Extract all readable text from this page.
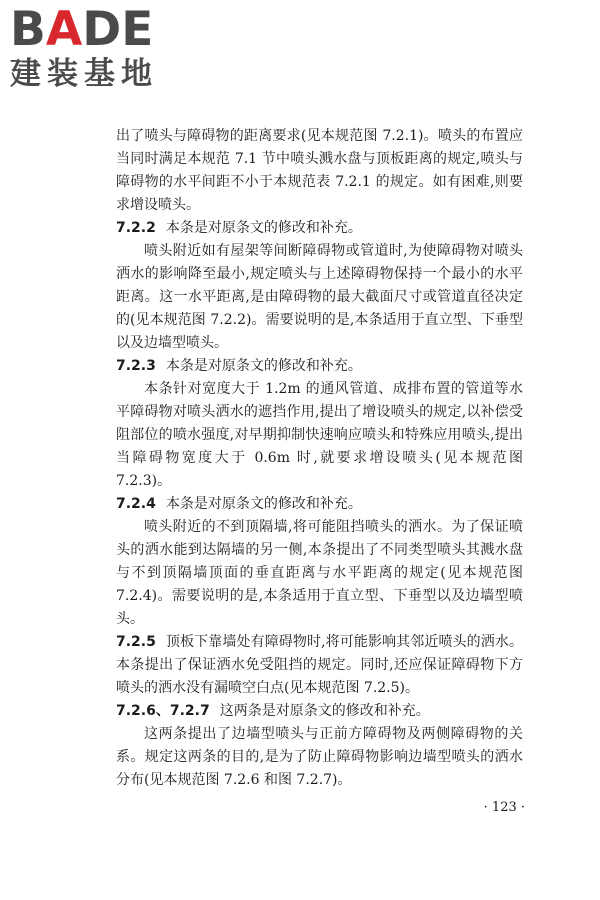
BADE
建装基地

出了喷头与障碍物的距离要求(见本规范图 7.2.1)。喷头的布置应当同时满足本规范 7.1 节中喷头溅水盘与顶板距离的规定,喷头与障碍物的水平间距不小于本规范表 7.2.1 的规定。如有困难,则要求增设喷头。

7.2.2 本条是对原条文的修改和补充。

喷头附近如有屋架等间断障碍物或管道时,为使障碍物对喷头洒水的影响降至最小,规定喷头与上述障碍物保持一个最小的水平距离。这一水平距离,是由障碍物的最大截面尺寸或管道直径决定的(见本规范图 7.2.2)。需要说明的是,本条适用于直立型、下垂型以及边墙型喷头。

7.2.3 本条是对原条文的修改和补充。

本条针对宽度大于 1.2m 的通风管道、成排布置的管道等水平障碍物对喷头洒水的遮挡作用,提出了增设喷头的规定,以补偿受阻部位的喷水强度,对早期抑制快速响应喷头和特殊应用喷头,提出当障碍物宽度大于 0.6m 时,就要求增设喷头(见本规范图 7.2.3)。

7.2.4 本条是对原条文的修改和补充。

喷头附近的不到顶隔墙,将可能阻挡喷头的洒水。为了保证喷头的洒水能到达隔墙的另一侧,本条提出了不同类型喷头其溅水盘与不到顶隔墙顶面的垂直距离与水平距离的规定(见本规范图 7.2.4)。需要说明的是,本条适用于直立型、下垂型以及边墙型喷头。

7.2.5 顶板下靠墙处有障碍物时,将可能影响其邻近喷头的洒水。本条提出了保证洒水免受阻挡的规定。同时,还应保证障碍物下方喷头的洒水没有漏喷空白点(见本规范图 7.2.5)。

7.2.6、7.2.7 这两条是对原条文的修改和补充。

这两条提出了边墙型喷头与正前方障碍物及两侧障碍物的关系。规定这两条的目的,是为了防止障碍物影响边墙型喷头的洒水分布(见本规范图 7.2.6 和图 7.2.7)。

· 123 ·
